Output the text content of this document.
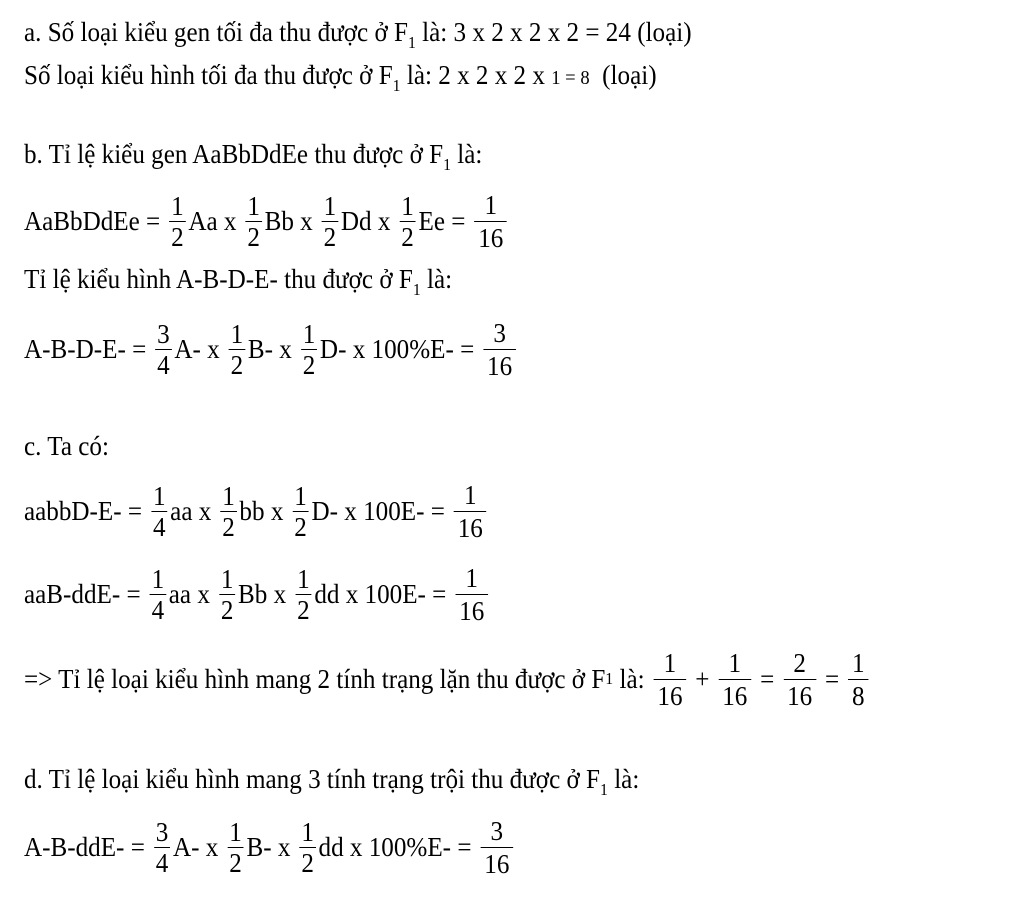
a. Số loại kiểu gen tối đa thu được ở $F_1$ là: 3 x 2 x 2 x 2 = 24 (loại)
Số loại kiểu hình tối đa thu được ở $F_1$ là: 2 x 2 x 2 x 1 = 8  (loại)
b. Tỉ lệ kiểu gen AaBbDdEe thu được ở $F_1$ là:
AaBbDdEe = $\frac{1}{2}$ Aa x $\frac{1}{2}$ Bb x $\frac{1}{2}$ Dd x $\frac{1}{2}$ $Ee = \frac{1}{16}$
Tỉ lệ kiểu hình A-B-D-E- thu được ở $F_1$ là:
$A-B-D-E- = \frac{3}{4} A-$ x $\frac{1}{2} B-$ x $\frac{1}{2} D-$ x $100\%E- = \frac{3}{16}$
c. Ta có:
aabbD-E- = $\frac{1}{4}$ aa x $\frac{1}{2}$ bb x $\frac{1}{2} D-$ x $100E- = \frac{1}{16}$
$aaB-ddE- = \frac{1}{4}$ aa x $\frac{1}{2}$ Bb x $\frac{1}{2}$ dd x $100E- = \frac{1}{16}$
=> Tỉ lệ loại kiểu hình mang 2 tính trạng lặn thu được ở F 1 là: $\frac{1}{16} + \frac{1}{16} = \frac{2}{16} = \frac{1}{8}$
d. Tỉ lệ loại kiểu hình mang 3 tính trạng trội thu được ở $F_1$ là:
$A-B-ddE- = \frac{3}{4} A-$ x $\frac{1}{2} B-$ x $\frac{1}{2}$ dd x $100\%E- = \frac{3}{16}$
